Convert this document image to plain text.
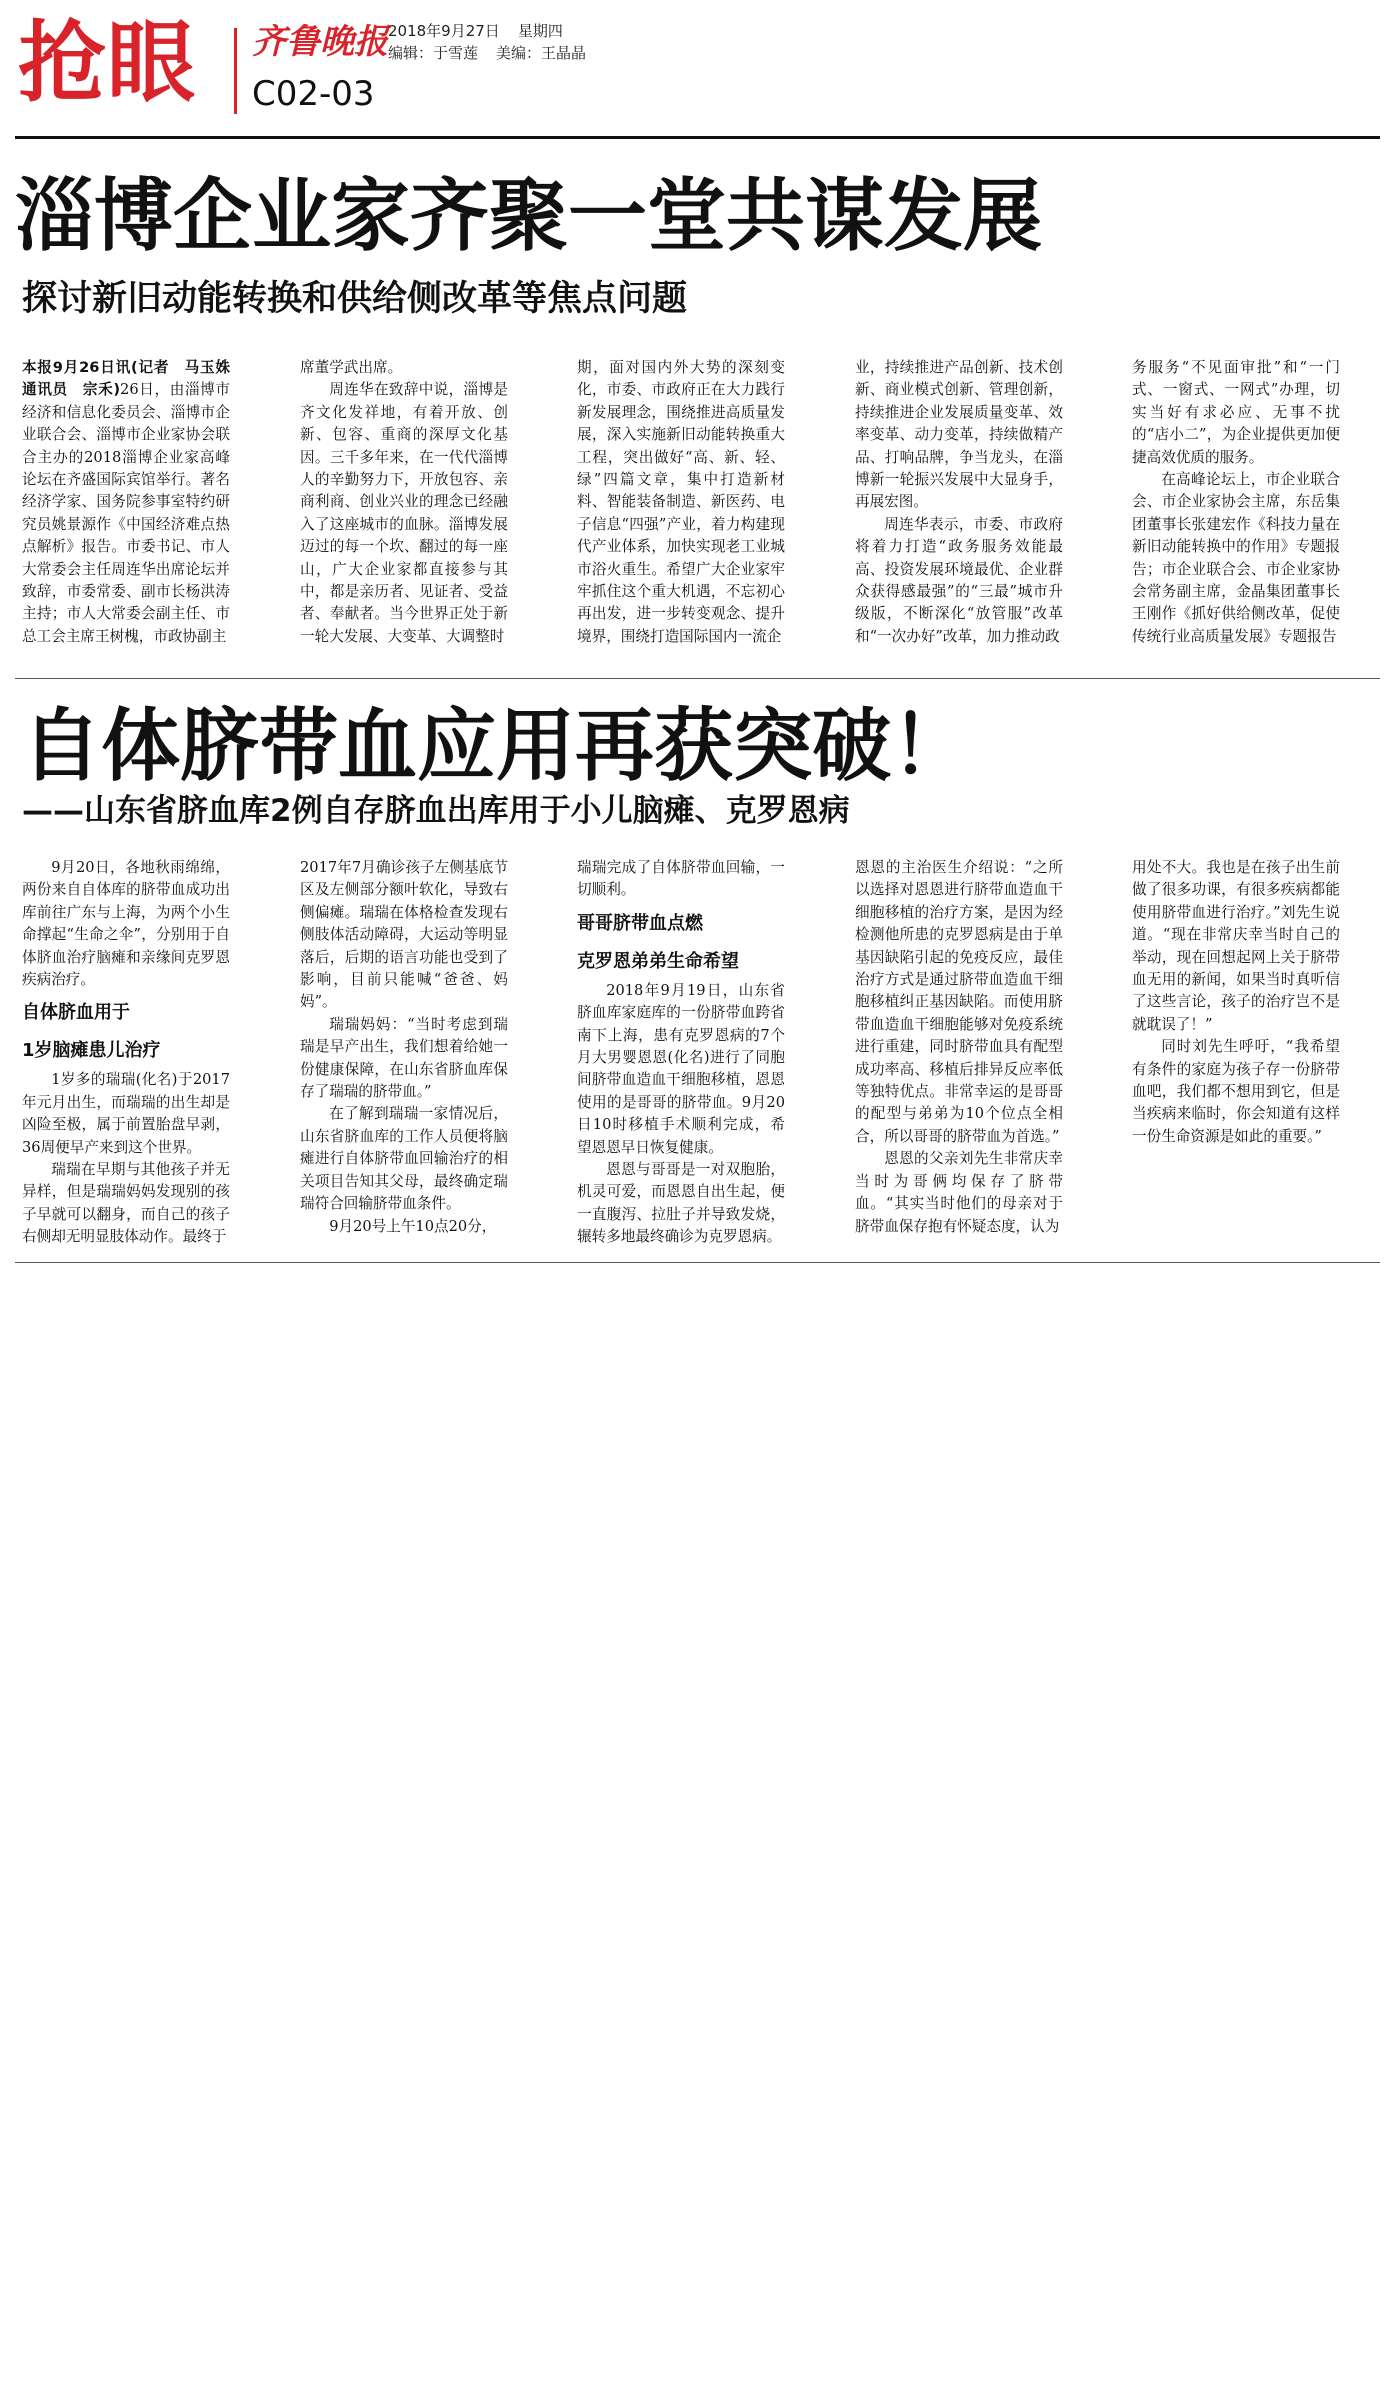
抢眼 齐鲁晚报 2018年9月27日 星期四
编辑：于雪莲 美编：王晶晶
C02-03
淄博企业家齐聚一堂共谋发展
探讨新旧动能转换和供给侧改革等焦点问题

本报9月26日讯(记者　马玉姝　通讯员　宗禾)26日，由淄博市经济和信息化委员会、淄博市企业联合会、淄博市企业家协会联合主办的2018淄博企业家高峰论坛在齐盛国际宾馆举行。著名经济学家、国务院参事室特约研究员姚景源作《中国经济难点热点解析》报告。市委书记、市人大常委会主任周连华出席论坛并致辞，市委常委、副市长杨洪涛主持；市人大常委会副主任、市总工会主席王树槐，市政协副主

席董学武出席。

周连华在致辞中说，淄博是齐文化发祥地，有着开放、创新、包容、重商的深厚文化基因。三千多年来，在一代代淄博人的辛勤努力下，开放包容、亲商利商、创业兴业的理念已经融入了这座城市的血脉。淄博发展迈过的每一个坎、翻过的每一座山，广大企业家都直接参与其中，都是亲历者、见证者、受益者、奉献者。当今世界正处于新一轮大发展、大变革、大调整时

期，面对国内外大势的深刻变化，市委、市政府正在大力践行新发展理念，围绕推进高质量发展，深入实施新旧动能转换重大工程，突出做好“高、新、轻、绿”四篇文章，集中打造新材料、智能装备制造、新医药、电子信息“四强”产业，着力构建现代产业体系，加快实现老工业城市浴火重生。希望广大企业家牢牢抓住这个重大机遇，不忘初心再出发，进一步转变观念、提升境界，围绕打造国际国内一流企

业，持续推进产品创新、技术创新、商业模式创新、管理创新，持续推进企业发展质量变革、效率变革、动力变革，持续做精产品、打响品牌，争当龙头，在淄博新一轮振兴发展中大显身手，再展宏图。

周连华表示，市委、市政府将着力打造“政务服务效能最高、投资发展环境最优、企业群众获得感最强”的“三最”城市升级版，不断深化“放管服”改革和“一次办好”改革，加力推动政

务服务“不见面审批”和“一门式、一窗式、一网式”办理，切实当好有求必应、无事不扰的“店小二”，为企业提供更加便捷高效优质的服务。

在高峰论坛上，市企业联合会、市企业家协会主席，东岳集团董事长张建宏作《科技力量在新旧动能转换中的作用》专题报告；市企业联合会、市企业家协会常务副主席，金晶集团董事长王刚作《抓好供给侧改革，促使传统行业高质量发展》专题报告

自体脐带血应用再获突破！
——山东省脐血库2例自存脐血出库用于小儿脑瘫、克罗恩病

9月20日，各地秋雨绵绵，两份来自自体库的脐带血成功出库前往广东与上海，为两个小生命撑起“生命之伞”，分别用于自体脐血治疗脑瘫和亲缘间克罗恩疾病治疗。

自体脐血用于
1岁脑瘫患儿治疗

1岁多的瑞瑞(化名)于2017年元月出生，而瑞瑞的出生却是凶险至极，属于前置胎盘早剥，36周便早产来到这个世界。

瑞瑞在早期与其他孩子并无异样，但是瑞瑞妈妈发现别的孩子早就可以翻身，而自己的孩子右侧却无明显肢体动作。最终于

2017年7月确诊孩子左侧基底节区及左侧部分额叶软化，导致右侧偏瘫。瑞瑞在体格检查发现右侧肢体活动障碍，大运动等明显落后，后期的语言功能也受到了影响，目前只能喊“爸爸、妈妈”。

瑞瑞妈妈：“当时考虑到瑞瑞是早产出生，我们想着给她一份健康保障，在山东省脐血库保存了瑞瑞的脐带血。”

在了解到瑞瑞一家情况后，山东省脐血库的工作人员便将脑瘫进行自体脐带血回输治疗的相关项目告知其父母，最终确定瑞瑞符合回输脐带血条件。

9月20号上午10点20分，

瑞瑞完成了自体脐带血回输，一切顺利。

哥哥脐带血点燃
克罗恩弟弟生命希望

2018年9月19日，山东省脐血库家庭库的一份脐带血跨省南下上海，患有克罗恩病的7个月大男婴恩恩(化名)进行了同胞间脐带血造血干细胞移植，恩恩使用的是哥哥的脐带血。9月20日10时移植手术顺利完成，希望恩恩早日恢复健康。

恩恩与哥哥是一对双胞胎，机灵可爱，而恩恩自出生起，便一直腹泻、拉肚子并导致发烧，辗转多地最终确诊为克罗恩病。

恩恩的主治医生介绍说：“之所以选择对恩恩进行脐带血造血干细胞移植的治疗方案，是因为经检测他所患的克罗恩病是由于单基因缺陷引起的免疫反应，最佳治疗方式是通过脐带血造血干细胞移植纠正基因缺陷。而使用脐带血造血干细胞能够对免疫系统进行重建，同时脐带血具有配型成功率高、移植后排异反应率低等独特优点。非常幸运的是哥哥的配型与弟弟为10个位点全相合，所以哥哥的脐带血为首选。”

恩恩的父亲刘先生非常庆幸当时为哥俩均保存了脐带血。“其实当时他们的母亲对于脐带血保存抱有怀疑态度，认为

用处不大。我也是在孩子出生前做了很多功课，有很多疾病都能使用脐带血进行治疗。”刘先生说道。“现在非常庆幸当时自己的举动，现在回想起网上关于脐带血无用的新闻，如果当时真听信了这些言论，孩子的治疗岂不是就耽误了！”

同时刘先生呼吁，“我希望有条件的家庭为孩子存一份脐带血吧，我们都不想用到它，但是当疾病来临时，你会知道有这样一份生命资源是如此的重要。”
